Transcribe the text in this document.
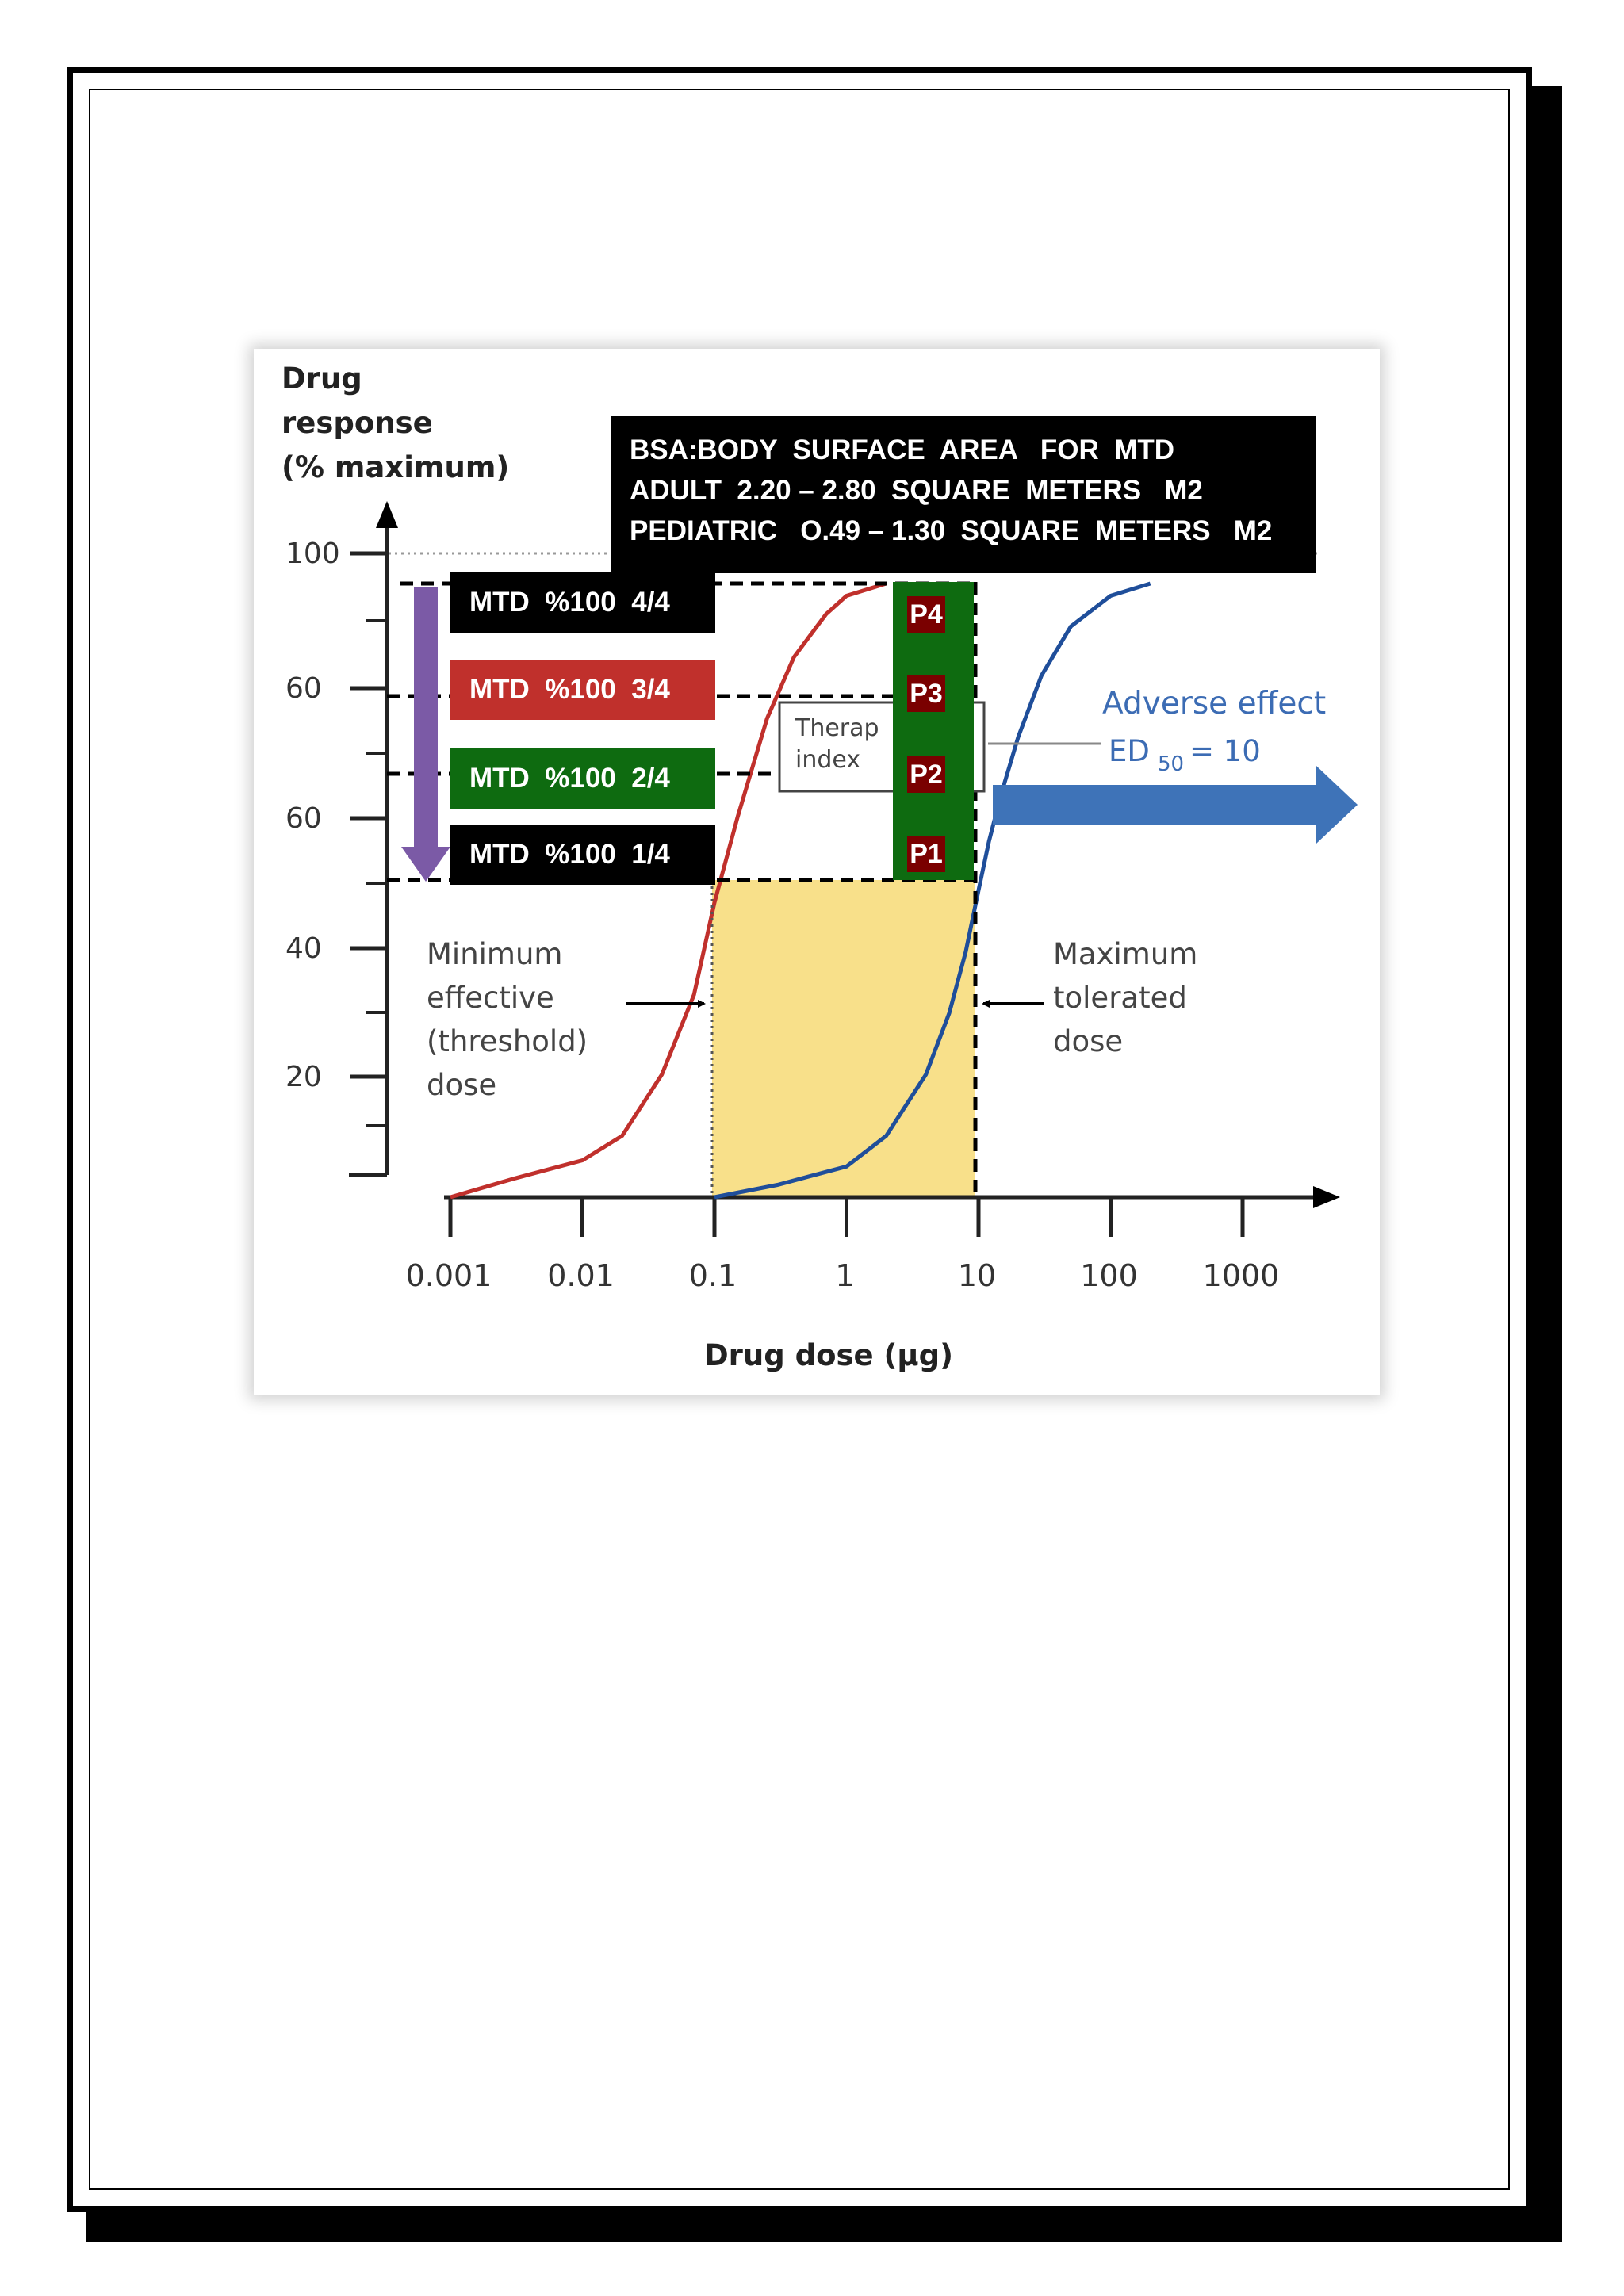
100
60
60
40
20
0.001 0.01 0.1	1	10	100 1000
Drug
response
(% maximum)
Drug dose (µg)
Therap
index
Minimum
effective
(threshold)
dose
Maximum
tolerated
dose
Adverse effect
ED 50 = 10
BSA:BODY  SURFACE  AREA   FOR  MTD
ADULT  2.20 – 2.80  SQUARE  METERS   M2
PEDIATRIC   O.49 – 1.30  SQUARE  METERS   M2
MTD  %100  4/4
MTD  %100  3/4
MTD  %100  2/4
MTD  %100  1/4
P4
P3
P2
P1
